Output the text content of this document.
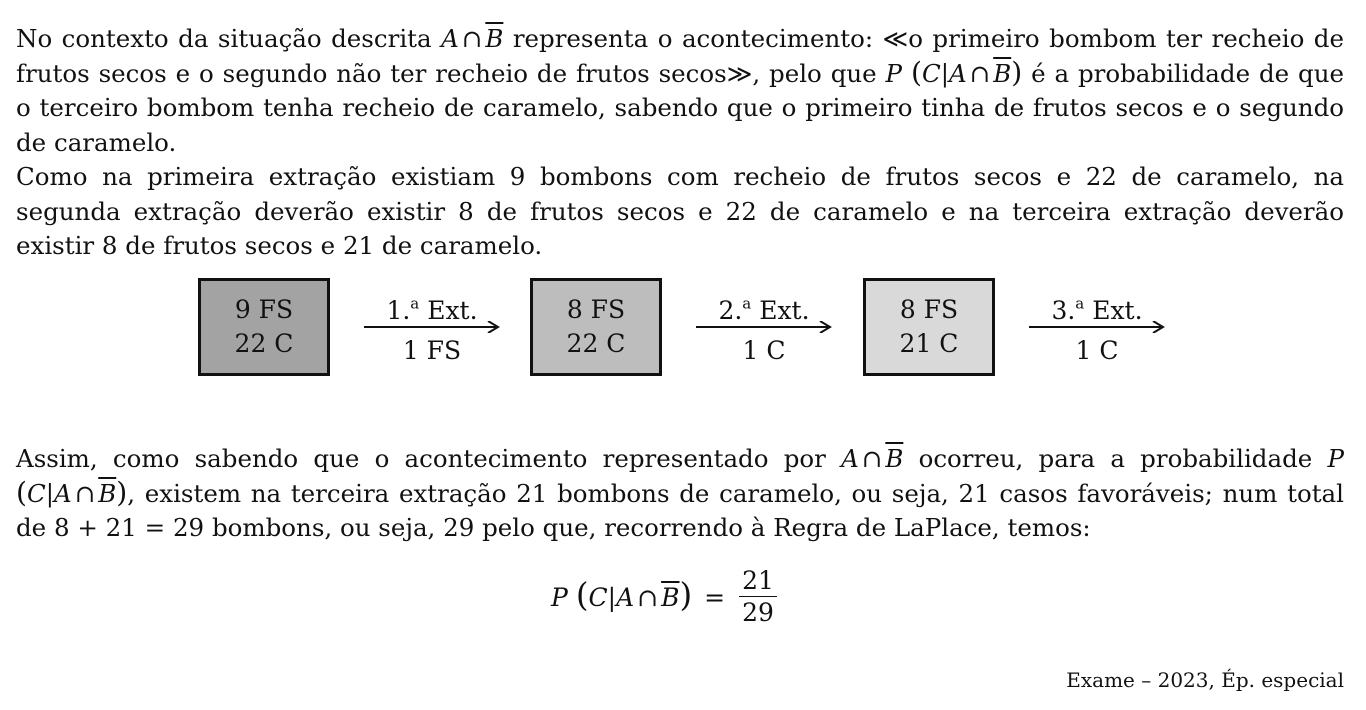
No contexto da situação descrita A ∩ $\overline{B}$ representa o acontecimento: ≪o primeiro bombom ter recheio de frutos secos e o segundo não ter recheio de frutos secos≫, pelo que P (C|A ∩ $\overline{B}$) é a probabilidade de que o terceiro bombom tenha recheio de caramelo, sabendo que o primeiro tinha de frutos secos e o segundo de caramelo.

Como na primeira extração existiam 9 bombons com recheio de frutos secos e 22 de caramelo, na segunda extração deverão existir 8 de frutos secos e 22 de caramelo e na terceira extração deverão existir 8 de frutos secos e 21 de caramelo.

9 FS
22 C
1.$^a$ Ext.
1 FS
8 FS
22 C
2.$^a$ Ext.
1 C
8 FS
21 C
3.$^a$ Ext.
1 C

Assim, como sabendo que o acontecimento representado por A ∩ $\overline{B}$ ocorreu, para a probabilidade P (C|A ∩ $\overline{B}$), existem na terceira extração 21 bombons de caramelo, ou seja, 21 casos favoráveis; num total de 8 + 21 = 29 bombons, ou seja, 29 pelo que, recorrendo à Regra de LaPlace, temos:

P (C|A ∩ $\overline{B}) = \frac{21}{29}$
Exame – 2023, Ép. especial
